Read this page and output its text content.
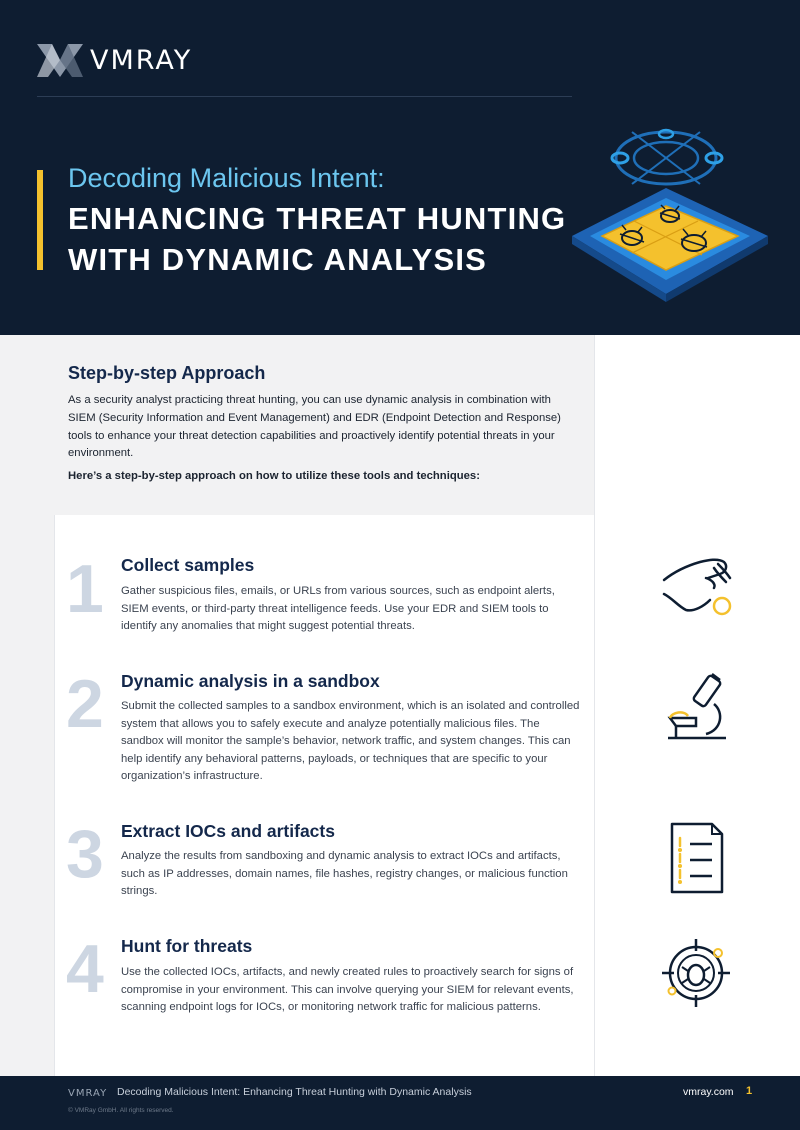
VMRAY
Decoding Malicious Intent:
ENHANCING THREAT HUNTING
WITH DYNAMIC ANALYSIS
Step-by-step Approach
As a security analyst practicing threat hunting, you can use dynamic analysis in combination with SIEM (Security Information and Event Management) and EDR (Endpoint Detection and Response) tools to enhance your threat detection capabilities and proactively identify potential threats in your environment.
Here’s a step-by-step approach on how to utilize these tools and techniques:
1 Collect samples
Gather suspicious files, emails, or URLs from various sources, such as endpoint alerts, SIEM events, or third-party threat intelligence feeds. Use your EDR and SIEM tools to identify any anomalies that might suggest potential threats.
2 Dynamic analysis in a sandbox
Submit the collected samples to a sandbox environment, which is an isolated and controlled system that allows you to safely execute and analyze potentially malicious files. The sandbox will monitor the sample’s behavior, network traffic, and system changes. This can help identify any behavioral patterns, payloads, or techniques that are specific to your organization’s infrastructure.
3 Extract IOCs and artifacts
Analyze the results from sandboxing and dynamic analysis to extract IOCs and artifacts, such as IP addresses, domain names, file hashes, registry changes, or malicious function strings.
4 Hunt for threats
Use the collected IOCs, artifacts, and newly created rules to proactively search for signs of compromise in your environment. This can involve querying your SIEM for relevant events, scanning endpoint logs for IOCs, or monitoring network traffic for malicious patterns.
VMRAY Decoding Malicious Intent: Enhancing Threat Hunting with Dynamic Analysis	vmray.com 1
© VMRay GmbH. All rights reserved.
